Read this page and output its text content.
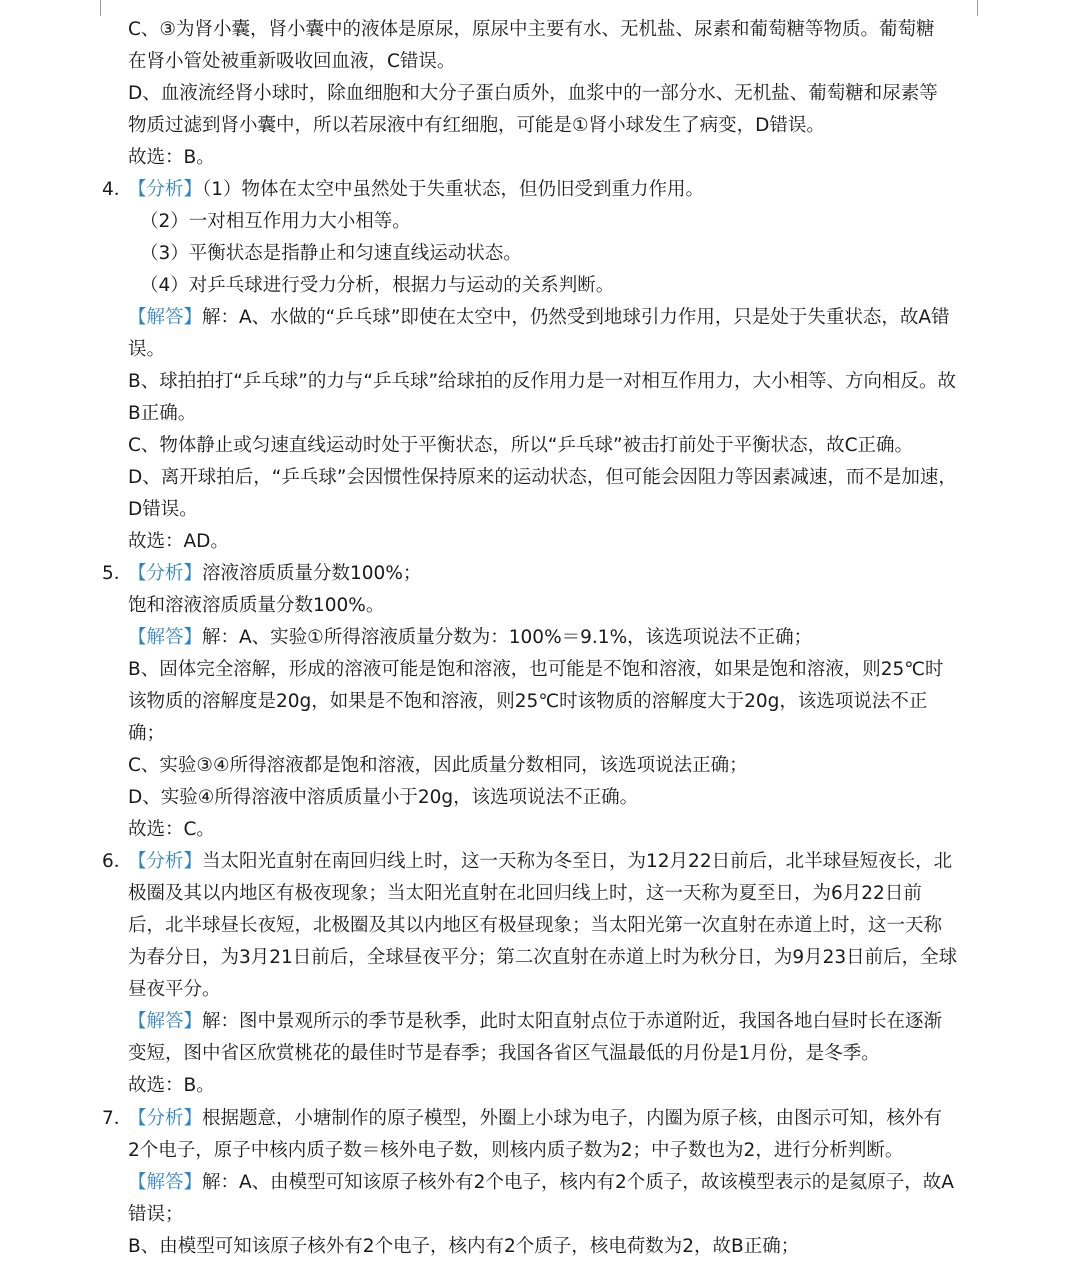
C、③为肾小囊，肾小囊中的液体是原尿，原尿中主要有水、无机盐、尿素和葡萄糖等物质。葡萄糖
在肾小管处被重新吸收回血液，C错误。
D、血液流经肾小球时，除血细胞和大分子蛋白质外，血浆中的一部分水、无机盐、葡萄糖和尿素等
物质过滤到肾小囊中，所以若尿液中有红细胞，可能是①肾小球发生了病变，D错误。
故选：B。
4．
【分析】（1）物体在太空中虽然处于失重状态，但仍旧受到重力作用。
（2）一对相互作用力大小相等。
（3）平衡状态是指静止和匀速直线运动状态。
（4）对乒乓球进行受力分析，根据力与运动的关系判断。
【解答】解：A、水做的“乒乓球”即使在太空中，仍然受到地球引力作用，只是处于失重状态，故A错
误。
B、球拍拍打“乒乓球”的力与“乒乓球”给球拍的反作用力是一对相互作用力，大小相等、方向相反。故
B正确。
C、物体静止或匀速直线运动时处于平衡状态，所以“乒乓球”被击打前处于平衡状态，故C正确。
D、离开球拍后，“乒乓球”会因惯性保持原来的运动状态，但可能会因阻力等因素减速，而不是加速，
D错误。
故选：AD。
5．
【分析】溶液溶质质量分数100%；
饱和溶液溶质质量分数100%。
【解答】解：A、实验①所得溶液质量分数为：100%＝9.1%，该选项说法不正确；
B、固体完全溶解，形成的溶液可能是饱和溶液，也可能是不饱和溶液，如果是饱和溶液，则25℃时
该物质的溶解度是20g，如果是不饱和溶液，则25℃时该物质的溶解度大于20g，该选项说法不正
确；
C、实验③④所得溶液都是饱和溶液，因此质量分数相同，该选项说法正确；
D、实验④所得溶液中溶质质量小于20g，该选项说法不正确。
故选：C。
6．
【分析】当太阳光直射在南回归线上时，这一天称为冬至日，为12月22日前后，北半球昼短夜长，北
极圈及其以内地区有极夜现象；当太阳光直射在北回归线上时，这一天称为夏至日，为6月22日前
后，北半球昼长夜短，北极圈及其以内地区有极昼现象；当太阳光第一次直射在赤道上时，这一天称
为春分日，为3月21日前后，全球昼夜平分；第二次直射在赤道上时为秋分日，为9月23日前后，全球
昼夜平分。
【解答】解：图中景观所示的季节是秋季，此时太阳直射点位于赤道附近，我国各地白昼时长在逐渐
变短，图中省区欣赏桃花的最佳时节是春季；我国各省区气温最低的月份是1月份，是冬季。
故选：B。
7．
【分析】根据题意，小塘制作的原子模型，外圈上小球为电子，内圈为原子核，由图示可知，核外有
2个电子，原子中核内质子数＝核外电子数，则核内质子数为2；中子数也为2，进行分析判断。
【解答】解：A、由模型可知该原子核外有2个电子，核内有2个质子，故该模型表示的是氦原子，故A
错误；
B、由模型可知该原子核外有2个电子，核内有2个质子，核电荷数为2，故B正确；
